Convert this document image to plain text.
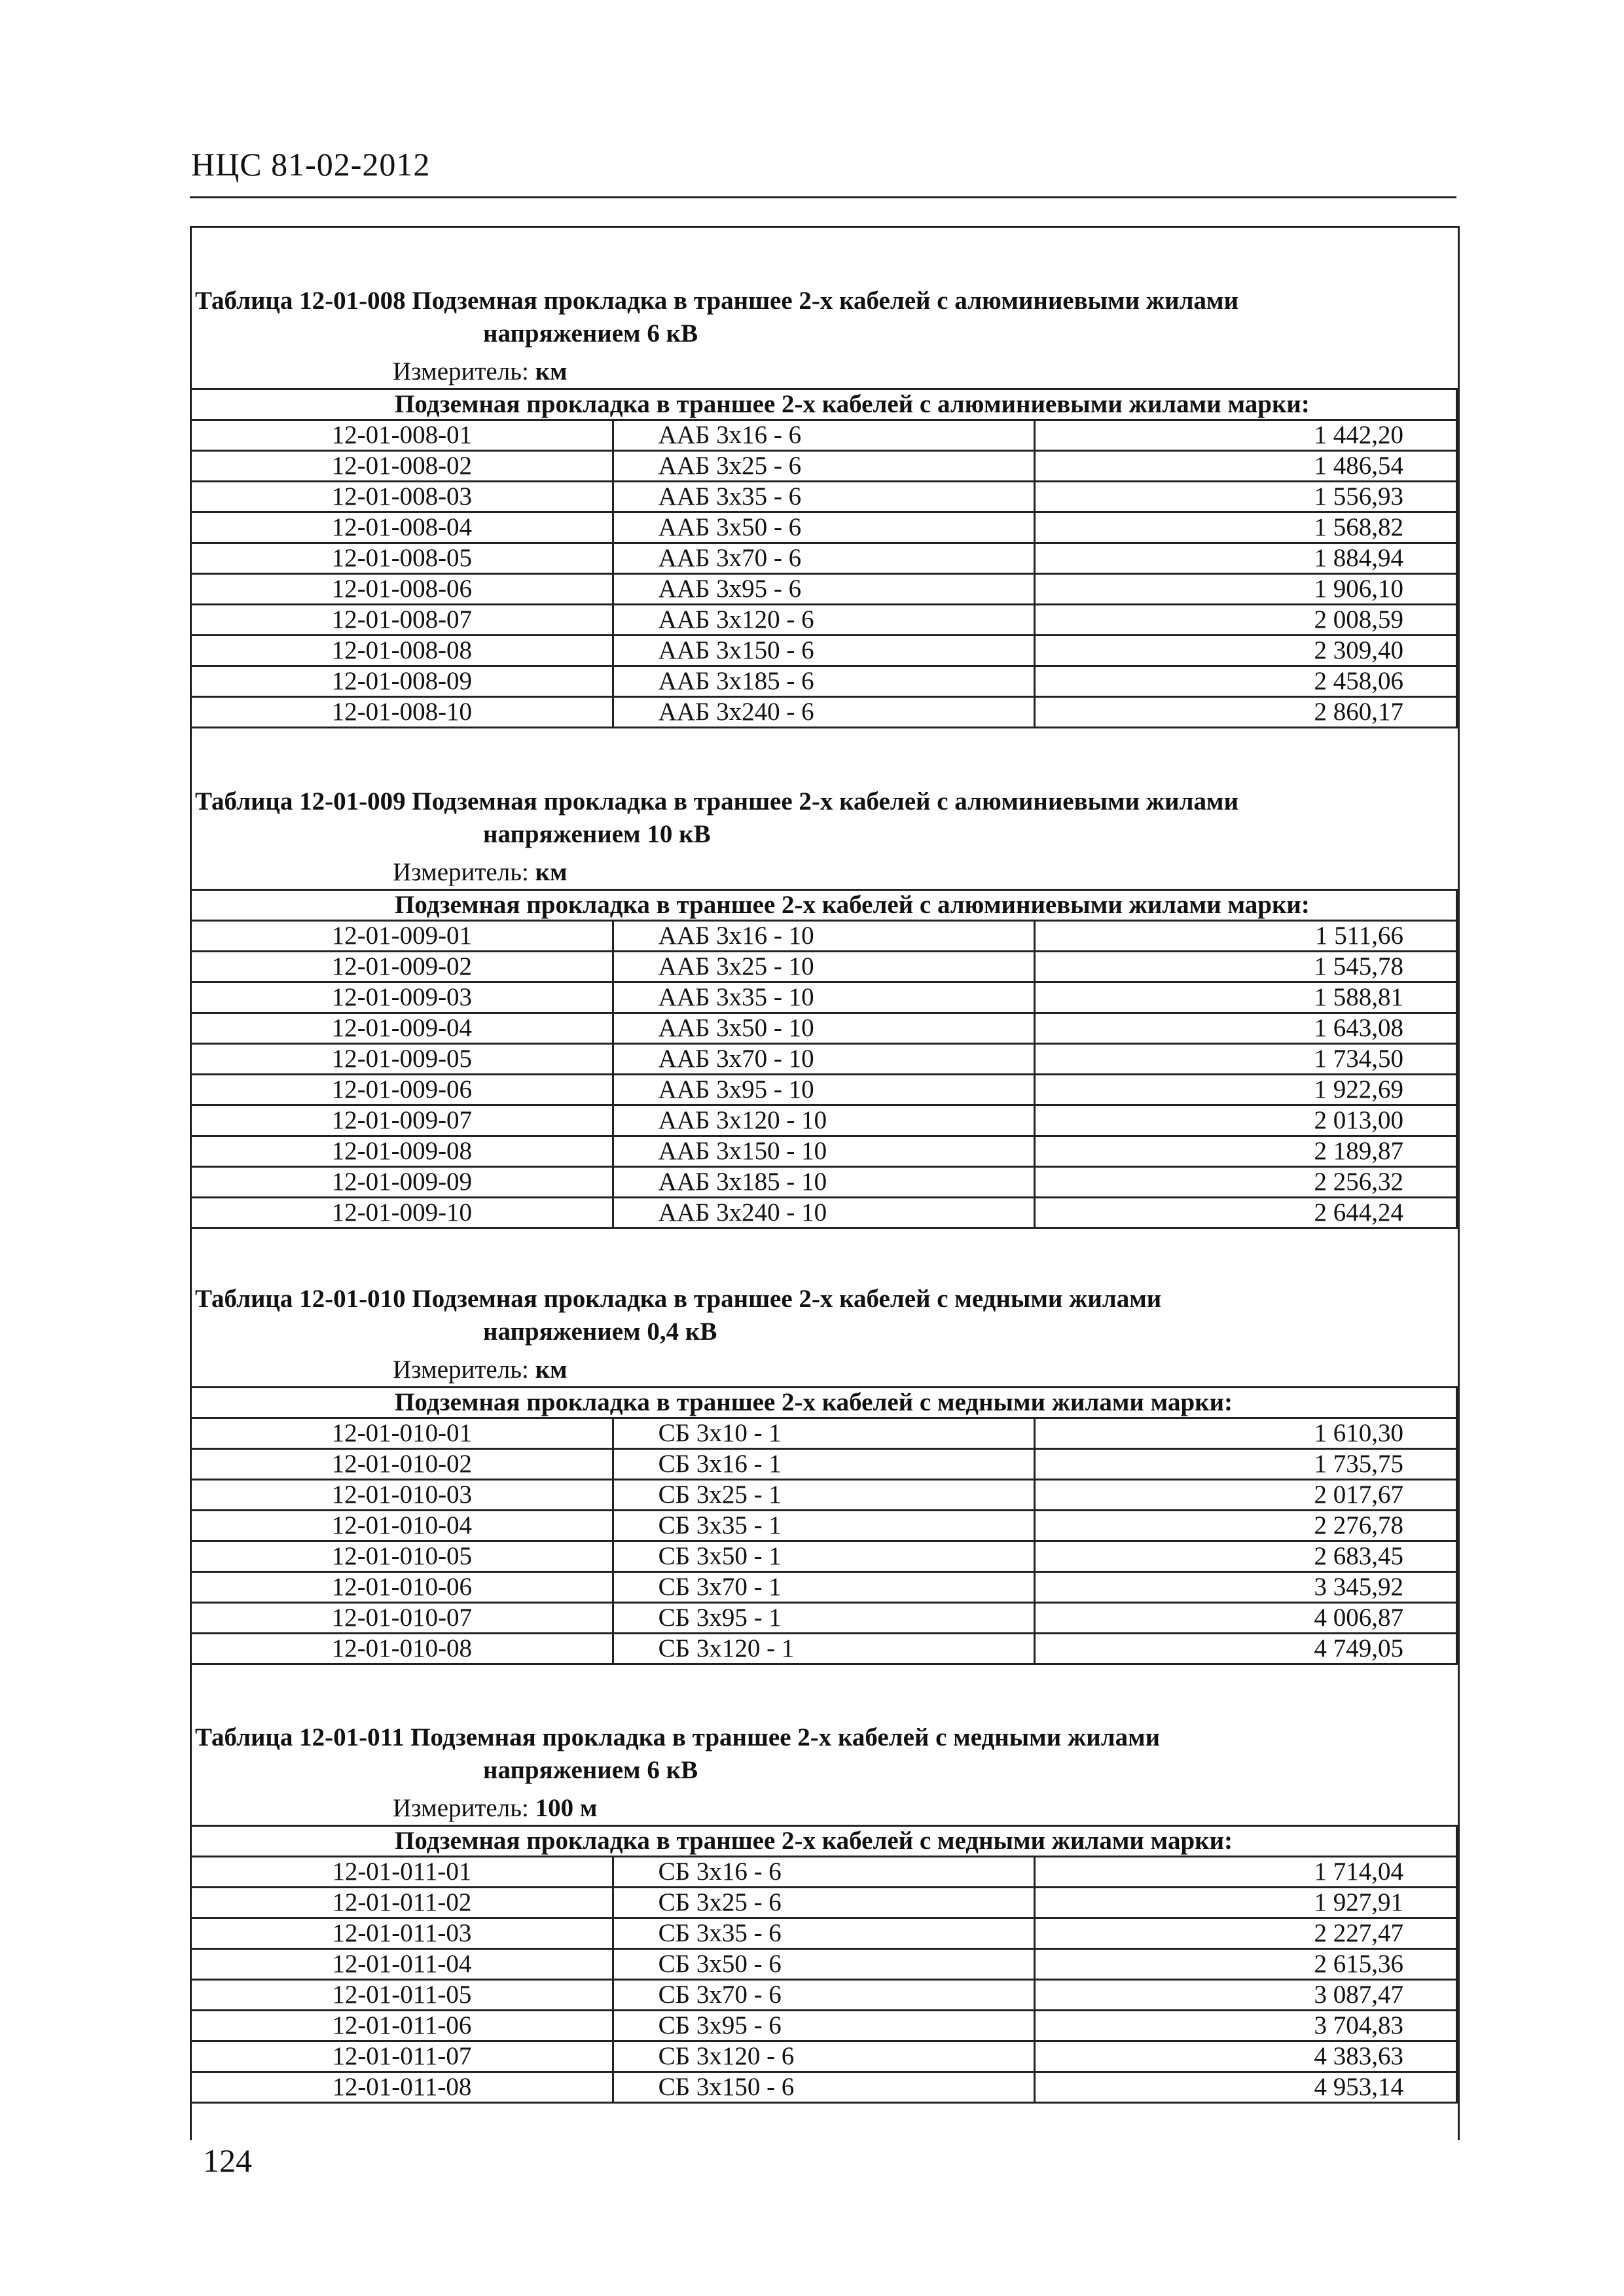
НЦС 81-02-2012
Таблица 12-01-008 Подземная прокладка в траншее 2-х кабелей с алюминиевыми жилами
напряжением 6 кВ
Измеритель: км
Подземная прокладка в траншее 2-х кабелей с алюминиевыми жилами марки:		
12-01-008-01	ААБ 3х16 - 6	1 442,20
12-01-008-02	ААБ 3х25 - 6	1 486,54
12-01-008-03	ААБ 3х35 - 6	1 556,93
12-01-008-04	ААБ 3х50 - 6	1 568,82
12-01-008-05	ААБ 3х70 - 6	1 884,94
12-01-008-06	ААБ 3х95 - 6	1 906,10
12-01-008-07	ААБ 3х120 - 6	2 008,59
12-01-008-08	ААБ 3х150 - 6	2 309,40
12-01-008-09	ААБ 3х185 - 6	2 458,06
12-01-008-10	ААБ 3х240 - 6	2 860,17
Таблица 12-01-009 Подземная прокладка в траншее 2-х кабелей с алюминиевыми жилами
напряжением 10 кВ
Измеритель: км
Подземная прокладка в траншее 2-х кабелей с алюминиевыми жилами марки:		
12-01-009-01	ААБ 3х16 - 10	1 511,66
12-01-009-02	ААБ 3х25 - 10	1 545,78
12-01-009-03	ААБ 3х35 - 10	1 588,81
12-01-009-04	ААБ 3х50 - 10	1 643,08
12-01-009-05	ААБ 3х70 - 10	1 734,50
12-01-009-06	ААБ 3х95 - 10	1 922,69
12-01-009-07	ААБ 3х120 - 10	2 013,00
12-01-009-08	ААБ 3х150 - 10	2 189,87
12-01-009-09	ААБ 3х185 - 10	2 256,32
12-01-009-10	ААБ 3х240 - 10	2 644,24
Таблица 12-01-010 Подземная прокладка в траншее 2-х кабелей с медными жилами
напряжением 0,4 кВ
Измеритель: км
Подземная прокладка в траншее 2-х кабелей с медными жилами марки:		
12-01-010-01	СБ 3х10 - 1	1 610,30
12-01-010-02	СБ 3х16 - 1	1 735,75
12-01-010-03	СБ 3х25 - 1	2 017,67
12-01-010-04	СБ 3х35 - 1	2 276,78
12-01-010-05	СБ 3х50 - 1	2 683,45
12-01-010-06	СБ 3х70 - 1	3 345,92
12-01-010-07	СБ 3х95 - 1	4 006,87
12-01-010-08	СБ 3х120 - 1	4 749,05
Таблица 12-01-011 Подземная прокладка в траншее 2-х кабелей с медными жилами
напряжением 6 кВ
Измеритель: 100 м
Подземная прокладка в траншее 2-х кабелей с медными жилами марки:		
12-01-011-01	СБ 3х16 - 6	1 714,04
12-01-011-02	СБ 3х25 - 6	1 927,91
12-01-011-03	СБ 3х35 - 6	2 227,47
12-01-011-04	СБ 3х50 - 6	2 615,36
12-01-011-05	СБ 3х70 - 6	3 087,47
12-01-011-06	СБ 3х95 - 6	3 704,83
12-01-011-07	СБ 3х120 - 6	4 383,63
12-01-011-08	СБ 3х150 - 6	4 953,14
124
